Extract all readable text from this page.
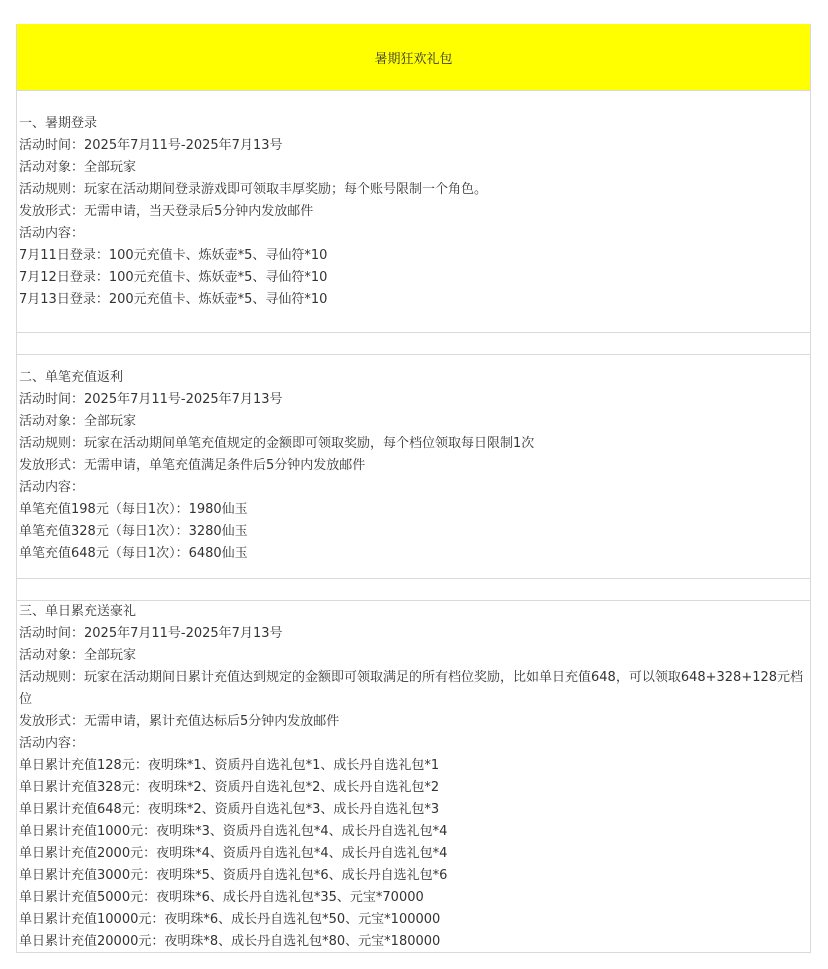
暑期狂欢礼包
一、暑期登录
活动时间：2025年7月11号-2025年7月13号
活动对象：全部玩家
活动规则：玩家在活动期间登录游戏即可领取丰厚奖励；每个账号限制一个角色。
发放形式：无需申请，当天登录后5分钟内发放邮件
活动内容：
7月11日登录：100元充值卡、炼妖壶*5、寻仙符*10
7月12日登录：100元充值卡、炼妖壶*5、寻仙符*10
7月13日登录：200元充值卡、炼妖壶*5、寻仙符*10
二、单笔充值返利
活动时间：2025年7月11号-2025年7月13号
活动对象：全部玩家
活动规则：玩家在活动期间单笔充值规定的金额即可领取奖励，每个档位领取每日限制1次
发放形式：无需申请，单笔充值满足条件后5分钟内发放邮件
活动内容：
单笔充值198元（每日1次）：1980仙玉
单笔充值328元（每日1次）：3280仙玉
单笔充值648元（每日1次）：6480仙玉
三、单日累充送豪礼
活动时间：2025年7月11号-2025年7月13号
活动对象：全部玩家
活动规则：玩家在活动期间日累计充值达到规定的金额即可领取满足的所有档位奖励，比如单日充值648，可以领取648+328+128元档位
发放形式：无需申请，累计充值达标后5分钟内发放邮件
活动内容：
单日累计充值128元：夜明珠*1、资质丹自选礼包*1、成长丹自选礼包*1
单日累计充值328元：夜明珠*2、资质丹自选礼包*2、成长丹自选礼包*2
单日累计充值648元：夜明珠*2、资质丹自选礼包*3、成长丹自选礼包*3
单日累计充值1000元：夜明珠*3、资质丹自选礼包*4、成长丹自选礼包*4
单日累计充值2000元：夜明珠*4、资质丹自选礼包*4、成长丹自选礼包*4
单日累计充值3000元：夜明珠*5、资质丹自选礼包*6、成长丹自选礼包*6
单日累计充值5000元：夜明珠*6、成长丹自选礼包*35、元宝*70000
单日累计充值10000元：夜明珠*6、成长丹自选礼包*50、元宝*100000
单日累计充值20000元：夜明珠*8、成长丹自选礼包*80、元宝*180000
